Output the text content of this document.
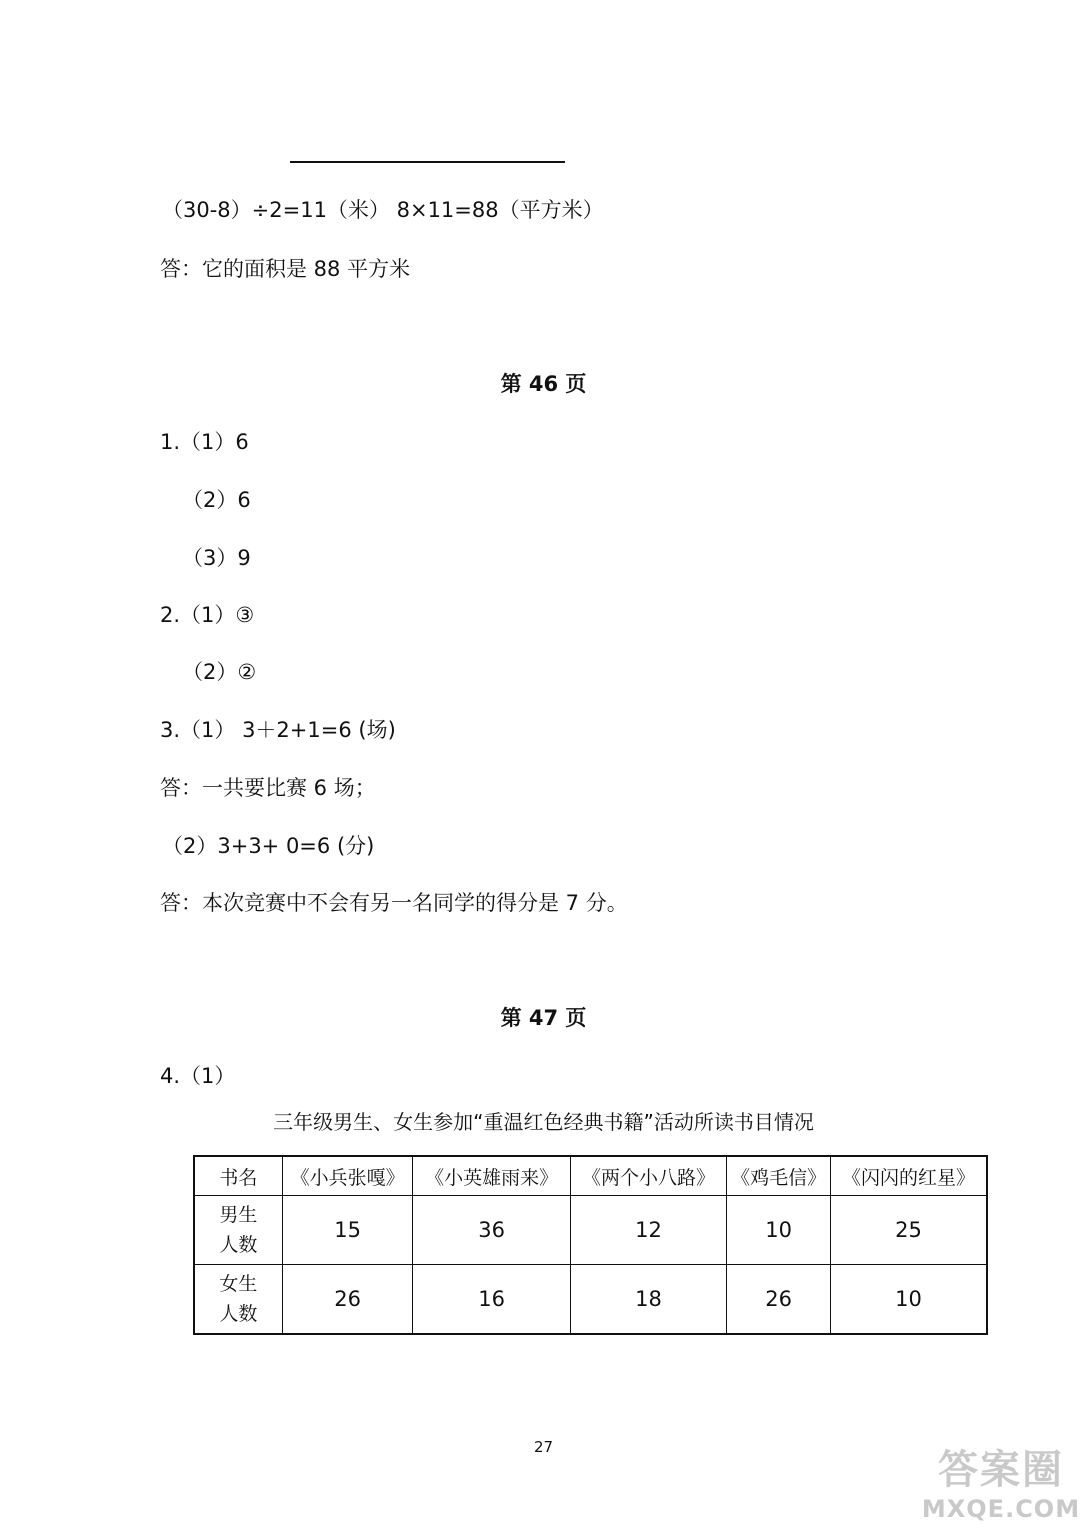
（30-8）÷2=11（米） 8×11=88（平方米）
答：它的面积是 88 平方米
第 46 页
1.（1）6
（2）6
（3）9
2.（1）③
（2）②
3.（1） 3＋2+1=6 (场)
答：一共要比赛 6 场；
（2）3+3+ 0=6 (分)
答：本次竞赛中不会有另一名同学的得分是 7 分。
第 47 页
4.（1）
三年级男生、女生参加“重温红色经典书籍”活动所读书目情况
书名	《小兵张嘎》	《小英雄雨来》	《两个小八路》	《鸡毛信》	《闪闪的红星》
男生
人数	15	36	12	10	25
女生
人数	26	16	18	26	10
27	答案圈
MXQE.COM
